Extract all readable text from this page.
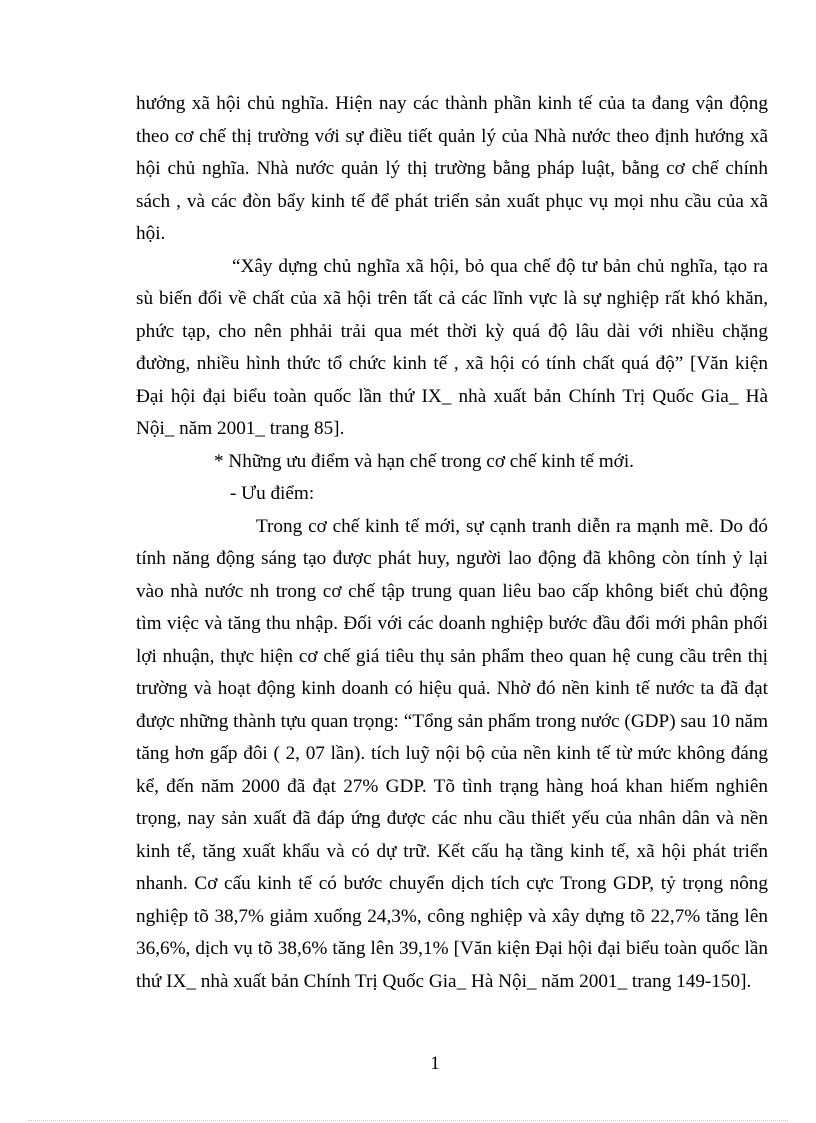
hướng xã hội chủ nghĩa. Hiện nay các thành phần kinh tế của ta đang vận động theo cơ chế thị trường với sự điều tiết quản lý của Nhà nước theo định hướng xã hội chủ nghĩa. Nhà nước quản lý thị trường bằng pháp luật, bằng cơ chế chính sách , và các đòn bẩy kinh tế để phát triển sản xuất phục vụ mọi nhu cầu của xã hội.

“Xây dựng chủ nghĩa xã hội, bỏ qua chế độ tư bản chủ nghĩa, tạo ra sù biến đổi về chất của xã hội trên tất cả các lĩnh vực là sự nghiệp rất khó khăn, phức tạp, cho nên phhải trải qua mét thời kỳ quá độ lâu dài với nhiều chặng đường, nhiều hình thức tổ chức kinh tế , xã hội có tính chất quá độ” [Văn kiện Đại hội đại biểu toàn quốc lần thứ IX_ nhà xuất bản Chính Trị Quốc Gia_ Hà Nội_ năm 2001_ trang 85].

* Những ưu điểm và hạn chế trong cơ chế kinh tế mới.

- Ưu điểm:

Trong cơ chế kinh tế mới, sự cạnh tranh diễn ra mạnh mẽ. Do đó tính năng động sáng tạo được phát huy, người lao động đã không còn tính ỷ lại vào nhà nước nh trong cơ chế tập trung quan liêu bao cấp không biết chủ động tìm việc và tăng thu nhập. Đối với các doanh nghiệp bước đầu đổi mới phân phối lợi nhuận, thực hiện cơ chế giá tiêu thụ sản phẩm theo quan hệ cung cầu trên thị trường và hoạt động kinh doanh có hiệu quả. Nhờ đó nền kinh tế nước ta đã đạt được những thành tựu quan trọng: “Tổng sản phẩm trong nước (GDP) sau 10 năm tăng hơn gấp đôi ( 2, 07 lần). tích luỹ nội bộ của nền kinh tế từ mức không đáng kể, đến năm 2000 đã đạt 27% GDP. Tõ tình trạng hàng hoá khan hiếm nghiên trọng, nay sản xuất đã đáp ứng được các nhu cầu thiết yếu của nhân dân và nền kinh tế, tăng xuất khẩu và có dự trữ. Kết cấu hạ tầng kinh tế, xã hội phát triển nhanh. Cơ cấu kinh tế có bước chuyển dịch tích cực Trong GDP, tỷ trọng nông nghiệp tõ 38,7% giảm xuống 24,3%, công nghiệp và xây dựng tõ 22,7% tăng lên 36,6%, dịch vụ tõ 38,6% tăng lên 39,1% [Văn kiện Đại hội đại biểu toàn quốc lần thứ IX_ nhà xuất bản Chính Trị Quốc Gia_ Hà Nội_ năm 2001_ trang 149-150].

1
